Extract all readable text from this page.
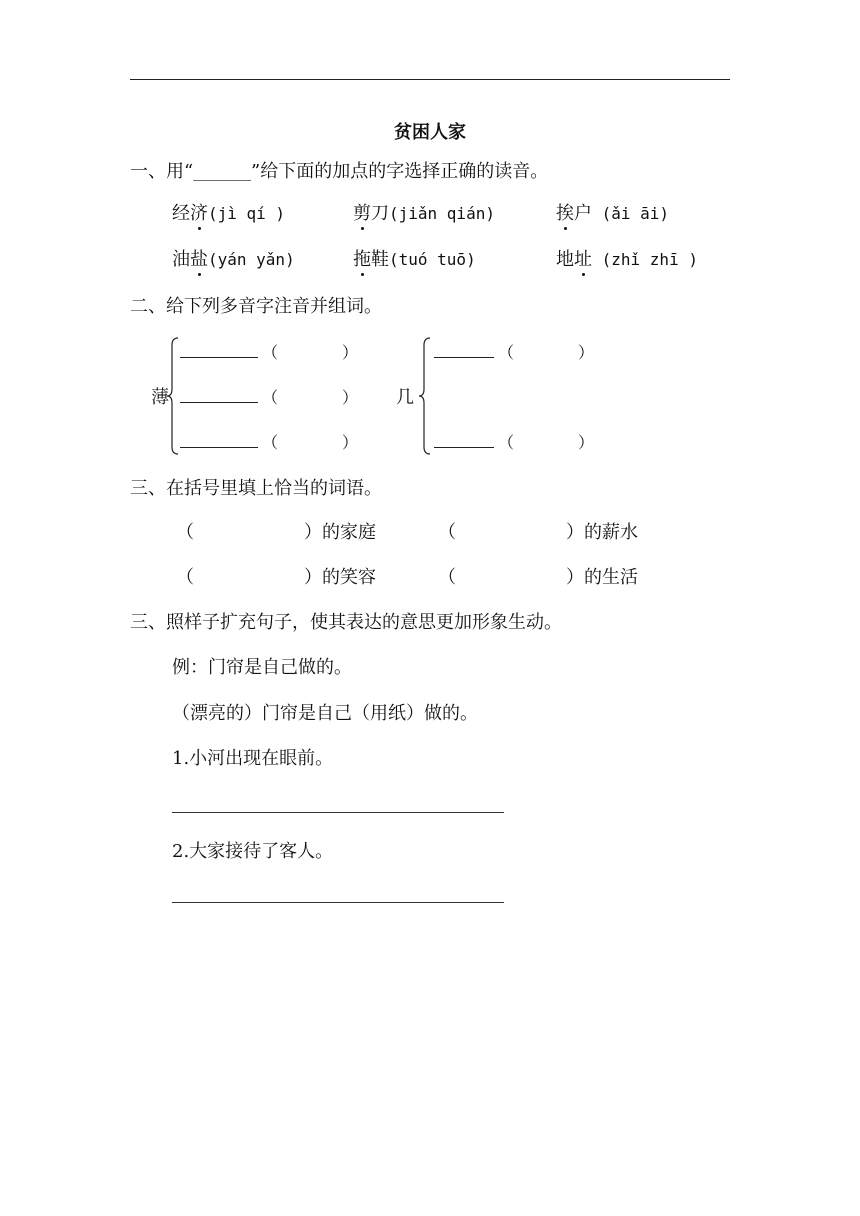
贫困人家
一、用“______”给下面的加点的字选择正确的读音。
经济(jì qí )	剪刀(jiǎn qián)	挨户 (ǎi āi)
油盐(yán yǎn)	拖鞋(tuó tuō)	地址 (zhǐ zhī )
二、给下列多音字注音并组词。
薄
（	）
（	）
（	）
几
（	）
（	）
三、在括号里填上恰当的词语。
（	）的家庭	（	）的薪水
（	）的笑容	（	）的生活
三、照样子扩充句子，使其表达的意思更加形象生动。
例：门帘是自己做的。
（漂亮的）门帘是自己（用纸）做的。
1.小河出现在眼前。
2.大家接待了客人。
